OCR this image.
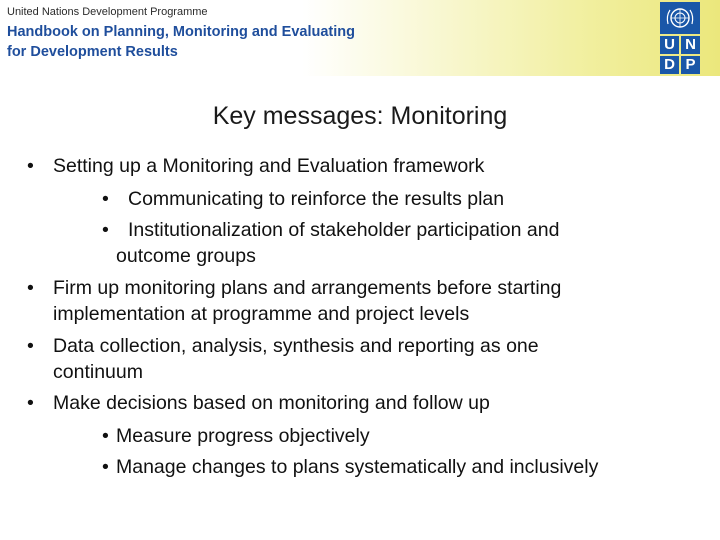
United Nations Development Programme
Handbook on Planning, Monitoring and Evaluating
for Development Results	U N
D P
Key messages: Monitoring
• Setting up a Monitoring and Evaluation framework
• Communicating to reinforce the results plan
• Institutionalization of stakeholder participation and
outcome groups
• Firm up monitoring plans and arrangements before starting
implementation at programme and project levels
• Data collection, analysis, synthesis and reporting as one
continuum
• Make decisions based on monitoring and follow up
• Measure progress objectively
• Manage changes to plans systematically and inclusively
